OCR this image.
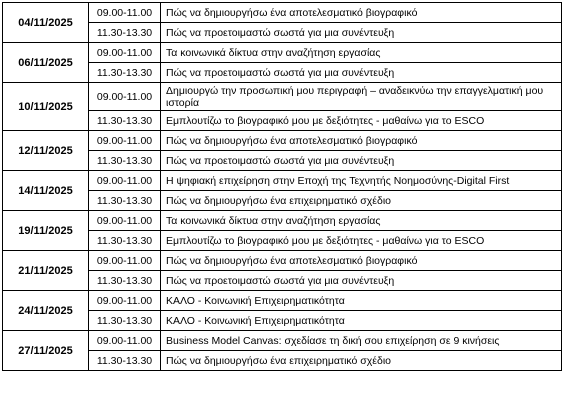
04/11/2025	09.00-11.00	Πώς να δημιουργήσω ένα αποτελεσματικό βιογραφικό
	11.30-13.30	Πώς να προετοιμαστώ σωστά για μια συνέντευξη
06/11/2025	09.00-11.00	Τα κοινωνικά δίκτυα στην αναζήτηση εργασίας
	11.30-13.30	Πώς να προετοιμαστώ σωστά για μια συνέντευξη
10/11/2025	09.00-11.00	Δημιουργώ την προσωπική μου περιγραφή – αναδεικνύω την επαγγελματική μου ιστορία
	11.30-13.30	Εμπλουτίζω το βιογραφικό μου με δεξιότητες - μαθαίνω για το ESCO
12/11/2025	09.00-11.00	Πώς να δημιουργήσω ένα αποτελεσματικό βιογραφικό
	11.30-13.30	Πώς να προετοιμαστώ σωστά για μια συνέντευξη
14/11/2025	09.00-11.00	Η ψηφιακή επιχείρηση στην Εποχή της Τεχνητής Νοημοσύνης-Digital First
	11.30-13.30	Πώς να δημιουργήσω ένα επιχειρηματικό σχέδιο
19/11/2025	09.00-11.00	Τα κοινωνικά δίκτυα στην αναζήτηση εργασίας
	11.30-13.30	Εμπλουτίζω το βιογραφικό μου με δεξιότητες - μαθαίνω για το ESCO
21/11/2025	09.00-11.00	Πώς να δημιουργήσω ένα αποτελεσματικό βιογραφικό
	11.30-13.30	Πώς να προετοιμαστώ σωστά για μια συνέντευξη
24/11/2025	09.00-11.00	ΚΑΛΟ - Κοινωνική Επιχειρηματικότητα
	11.30-13.30	ΚΑΛΟ - Κοινωνική Επιχειρηματικότητα
27/11/2025	09.00-11.00	Business Model Canvas: σχεδίασε τη δική σου επιχείρηση σε 9 κινήσεις
	11.30-13.30	Πώς να δημιουργήσω ένα επιχειρηματικό σχέδιο
